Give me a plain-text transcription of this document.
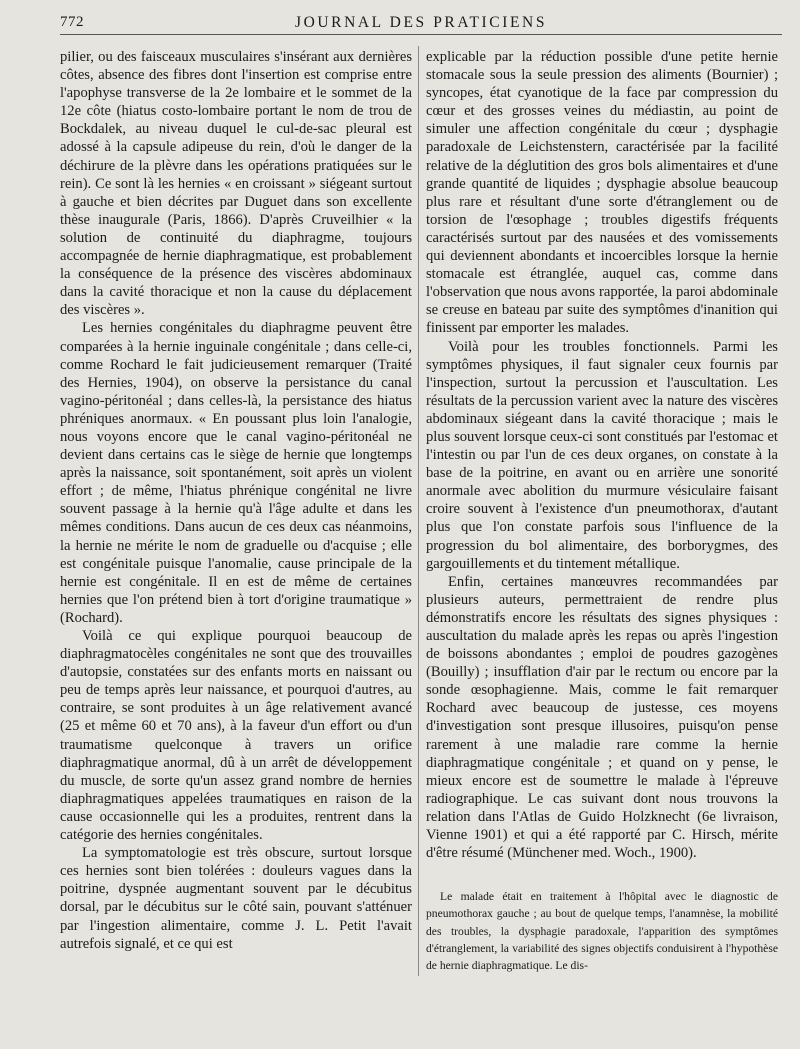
772	JOURNAL DES PRATICIENS

pilier, ou des faisceaux musculaires s'insérant aux dernières côtes, absence des fibres dont l'insertion est comprise entre l'apophyse transverse de la 2e lombaire et le sommet de la 12e côte (hiatus costo-lombaire portant le nom de trou de Bockdalek, au niveau duquel le cul-de-sac pleural est adossé à la capsule adipeuse du rein, d'où le danger de la déchirure de la plèvre dans les opérations pratiquées sur le rein). Ce sont là les hernies « en croissant » siégeant surtout à gauche et bien décrites par Duguet dans son excellente thèse inaugurale (Paris, 1866). D'après Cruveilhier « la solution de continuité du diaphragme, toujours accompagnée de hernie diaphragmatique, est probablement la conséquence de la présence des viscères abdominaux dans la cavité thoracique et non la cause du déplacement des viscères ».

Les hernies congénitales du diaphragme peuvent être comparées à la hernie inguinale congénitale ; dans celle-ci, comme Rochard le fait judicieusement remarquer (Traité des Hernies, 1904), on observe la persistance du canal vagino-péritonéal ; dans celles-là, la persistance des hiatus phréniques anormaux. « En poussant plus loin l'analogie, nous voyons encore que le canal vagino-péritonéal ne devient dans certains cas le siège de hernie que longtemps après la naissance, soit spontanément, soit après un violent effort ; de même, l'hiatus phrénique congénital ne livre souvent passage à la hernie qu'à l'âge adulte et dans les mêmes conditions. Dans aucun de ces deux cas néanmoins, la hernie ne mérite le nom de graduelle ou d'acquise ; elle est congénitale puisque l'anomalie, cause principale de la hernie est congénitale. Il en est de même de certaines hernies que l'on prétend bien à tort d'origine traumatique » (Rochard).

Voilà ce qui explique pourquoi beaucoup de diaphragmatocèles congénitales ne sont que des trouvailles d'autopsie, constatées sur des enfants morts en naissant ou peu de temps après leur naissance, et pourquoi d'autres, au contraire, se sont produites à un âge relativement avancé (25 et même 60 et 70 ans), à la faveur d'un effort ou d'un traumatisme quelconque à travers un orifice diaphragmatique anormal, dû à un arrêt de développement du muscle, de sorte qu'un assez grand nombre de hernies diaphragmatiques appelées traumatiques en raison de la cause occasionnelle qui les a produites, rentrent dans la catégorie des hernies congénitales.

La symptomatologie est très obscure, surtout lorsque ces hernies sont bien tolérées : douleurs vagues dans la poitrine, dyspnée augmentant souvent par le décubitus dorsal, par le décubitus sur le côté sain, pouvant s'atténuer par l'ingestion alimentaire, comme J. L. Petit l'avait autrefois signalé, et ce qui est

explicable par la réduction possible d'une petite hernie stomacale sous la seule pression des aliments (Bournier) ; syncopes, état cyanotique de la face par compression du cœur et des grosses veines du médiastin, au point de simuler une affection congénitale du cœur ; dysphagie paradoxale de Leichstenstern, caractérisée par la facilité relative de la déglutition des gros bols alimentaires et d'une grande quantité de liquides ; dysphagie absolue beaucoup plus rare et résultant d'une sorte d'étranglement ou de torsion de l'œsophage ; troubles digestifs fréquents caractérisés surtout par des nausées et des vomissements qui deviennent abondants et incoercibles lorsque la hernie stomacale est étranglée, auquel cas, comme dans l'observation que nous avons rapportée, la paroi abdominale se creuse en bateau par suite des symptômes d'inanition qui finissent par emporter les malades.

Voilà pour les troubles fonctionnels. Parmi les symptômes physiques, il faut signaler ceux fournis par l'inspection, surtout la percussion et l'auscultation. Les résultats de la percussion varient avec la nature des viscères abdominaux siégeant dans la cavité thoracique ; mais le plus souvent lorsque ceux-ci sont constitués par l'estomac et l'intestin ou par l'un de ces deux organes, on constate à la base de la poitrine, en avant ou en arrière une sonorité anormale avec abolition du murmure vésiculaire faisant croire souvent à l'existence d'un pneumothorax, d'autant plus que l'on constate parfois sous l'influence de la progression du bol alimentaire, des borborygmes, des gargouillements et du tintement métallique.

Enfin, certaines manœuvres recommandées par plusieurs auteurs, permettraient de rendre plus démonstratifs encore les résultats des signes physiques : auscultation du malade après les repas ou après l'ingestion de boissons abondantes ; emploi de poudres gazogènes (Bouilly) ; insufflation d'air par le rectum ou encore par la sonde œsophagienne. Mais, comme le fait remarquer Rochard avec beaucoup de justesse, ces moyens d'investigation sont presque illusoires, puisqu'on pense rarement à une maladie rare comme la hernie diaphragmatique congénitale ; et quand on y pense, le mieux encore est de soumettre le malade à l'épreuve radiographique. Le cas suivant dont nous trouvons la relation dans l'Atlas de Guido Holzknecht (6e livraison, Vienne 1901) et qui a été rapporté par C. Hirsch, mérite d'être résumé (Münchener med. Woch., 1900).

Le malade était en traitement à l'hôpital avec le diagnostic de pneumothorax gauche ; au bout de quelque temps, l'anamnèse, la mobilité des troubles, la dysphagie paradoxale, l'apparition des symptômes d'étranglement, la variabilité des signes objectifs conduisirent à l'hypothèse de hernie diaphragmatique. Le dis-
